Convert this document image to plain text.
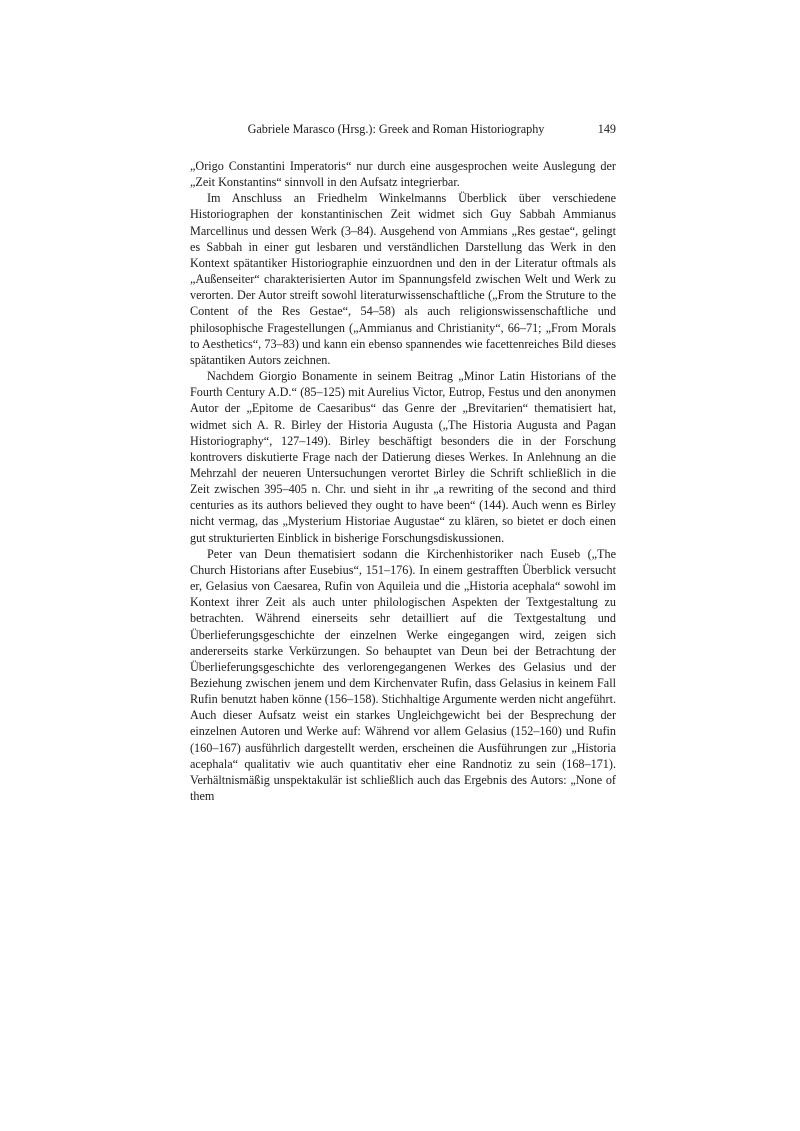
Gabriele Marasco (Hrsg.): Greek and Roman Historiography	149

„Origo Constantini Imperatoris“ nur durch eine ausgesprochen weite Auslegung der „Zeit Konstantins“ sinnvoll in den Aufsatz integrierbar.

Im Anschluss an Friedhelm Winkelmanns Überblick über verschiedene Historiographen der konstantinischen Zeit widmet sich Guy Sabbah Ammianus Marcellinus und dessen Werk (3–84). Ausgehend von Ammians „Res gestae“, gelingt es Sabbah in einer gut lesbaren und verständlichen Darstellung das Werk in den Kontext spätantiker Historiographie einzuordnen und den in der Literatur oftmals als „Außenseiter“ charakterisierten Autor im Spannungsfeld zwischen Welt und Werk zu verorten. Der Autor streift sowohl literaturwissenschaftliche („From the Struture to the Content of the Res Gestae“, 54–58) als auch religionswissenschaftliche und philosophische Fragestellungen („Ammianus and Christianity“, 66–71; „From Morals to Aesthetics“, 73–83) und kann ein ebenso spannendes wie facettenreiches Bild dieses spätantiken Autors zeichnen.

Nachdem Giorgio Bonamente in seinem Beitrag „Minor Latin Historians of the Fourth Century A.D.“ (85–125) mit Aurelius Victor, Eutrop, Festus und den anonymen Autor der „Epitome de Caesaribus“ das Genre der „Brevitarien“ thematisiert hat, widmet sich A. R. Birley der Historia Augusta („The Historia Augusta and Pagan Historiography“, 127–149). Birley beschäftigt besonders die in der Forschung kontrovers diskutierte Frage nach der Datierung dieses Werkes. In Anlehnung an die Mehrzahl der neueren Untersuchungen verortet Birley die Schrift schließlich in die Zeit zwischen 395–405 n. Chr. und sieht in ihr „a rewriting of the second and third centuries as its authors believed they ought to have been“ (144). Auch wenn es Birley nicht vermag, das „Mysterium Historiae Augustae“ zu klären, so bietet er doch einen gut strukturierten Einblick in bisherige Forschungsdiskussionen.

Peter van Deun thematisiert sodann die Kirchenhistoriker nach Euseb („The Church Historians after Eusebius“, 151–176). In einem gestrafften Überblick versucht er, Gelasius von Caesarea, Rufin von Aquileia und die „Historia acephala“ sowohl im Kontext ihrer Zeit als auch unter philologischen Aspekten der Textgestaltung zu betrachten. Während einerseits sehr detailliert auf die Textgestaltung und Überlieferungsgeschichte der einzelnen Werke eingegangen wird, zeigen sich andererseits starke Verkürzungen. So behauptet van Deun bei der Betrachtung der Überlieferungsgeschichte des verlorengegangenen Werkes des Gelasius und der Beziehung zwischen jenem und dem Kirchenvater Rufin, dass Gelasius in keinem Fall Rufin benutzt haben könne (156–158). Stichhaltige Argumente werden nicht angeführt. Auch dieser Aufsatz weist ein starkes Ungleichgewicht bei der Besprechung der einzelnen Autoren und Werke auf: Während vor allem Gelasius (152–160) und Rufin (160–167) ausführlich dargestellt werden, erscheinen die Ausführungen zur „Historia acephala“ qualitativ wie auch quantitativ eher eine Randnotiz zu sein (168–171). Verhältnismäßig unspektakulär ist schließlich auch das Ergebnis des Autors: „None of them
